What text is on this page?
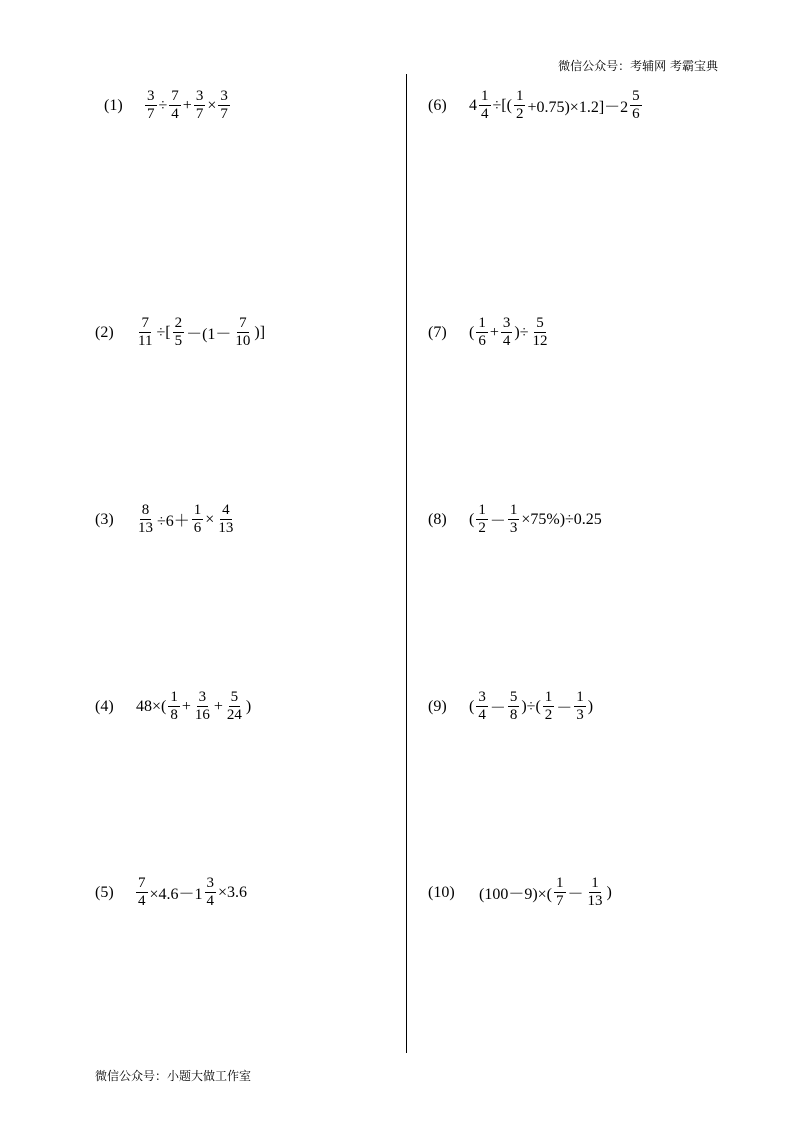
微信公众号：考辅网 考霸宝典
(1)	$\frac{3}{7} \div \frac{7}{4} + \frac{3}{7} \times \frac{3}{7}$
(2)	$\frac{7}{11}$ ÷[ $\frac{2}{5} -(1- \frac{7}{10}$ )]
(3)	$\frac{8}{13} \div 6+ \frac{1}{6} \times \frac{4}{13}$
(4)	$48\times( \frac{1}{8} + \frac{3}{16} + \frac{5}{24}$ )
(5)	$\frac{7}{4} \times 4.6-1 \frac{3}{4} \times 3.6$
(6)	$4 \frac{1}{4}$ ÷[( $\frac{1}{2} +0.75)\times 1.2]-2 \frac{5}{6}$
(7)	( $\frac{1}{6} + \frac{3}{4}$ )÷ $\frac{5}{12}$
(8)	( $\frac{1}{2} - \frac{1}{3} \times 75\%)\div 0.25$
(9)	( $\frac{3}{4} - \frac{5}{8}$ )÷( $\frac{1}{2} - \frac{1}{3}$ )
(10)	$(100-9)\times( \frac{1}{7} - \frac{1}{13}$ )
微信公众号：小题大做工作室
